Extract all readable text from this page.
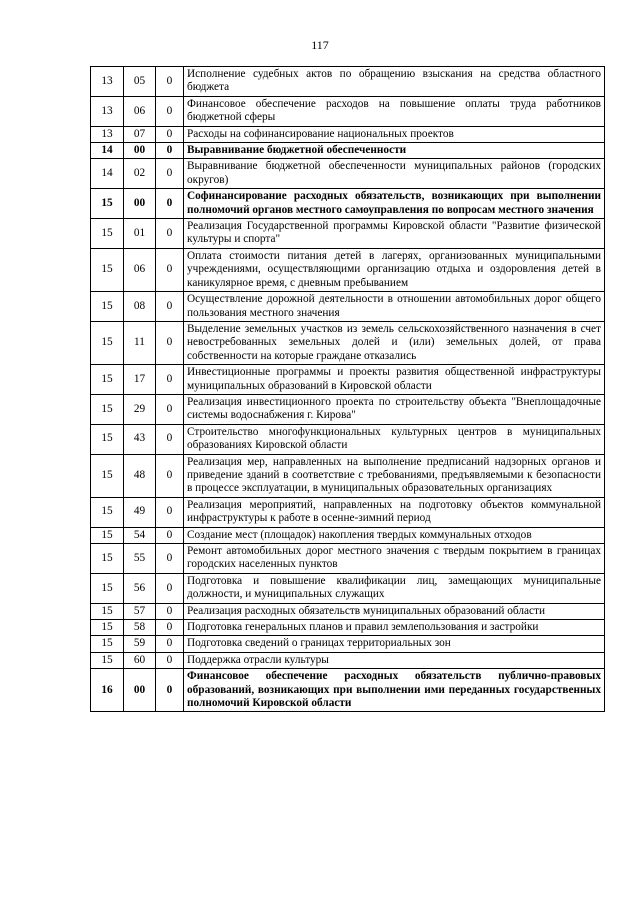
117
13	05	0	Исполнение судебных актов по обращению взыскания на средства областного бюджета
13	06	0	Финансовое обеспечение расходов на повышение оплаты труда работников бюджетной сферы
13	07	0	Расходы на софинансирование национальных проектов
14	00	0	Выравнивание бюджетной обеспеченности
14	02	0	Выравнивание бюджетной обеспеченности муниципальных районов (городских округов)
15	00	0	Софинансирование расходных обязательств, возникающих при выполнении полномочий органов местного самоуправления по вопросам местного значения
15	01	0	Реализация Государственной программы Кировской области "Развитие физической культуры и спорта"
15	06	0	Оплата стоимости питания детей в лагерях, организованных муниципальными учреждениями, осуществляющими организацию отдыха и оздоровления детей в каникулярное время, с дневным пребыванием
15	08	0	Осуществление дорожной деятельности в отношении автомобильных дорог общего пользования местного значения
15	11	0	Выделение земельных участков из земель сельскохозяйственного назначения в счет невостребованных земельных долей и (или) земельных долей, от права собственности на которые граждане отказались
15	17	0	Инвестиционные программы и проекты развития общественной инфраструктуры муниципальных образований в Кировской области
15	29	0	Реализация инвестиционного проекта по строительству объекта "Внеплощадочные системы водоснабжения г. Кирова"
15	43	0	Строительство многофункциональных культурных центров в муниципальных образованиях Кировской области
15	48	0	Реализация мер, направленных на выполнение предписаний надзорных органов и приведение зданий в соответствие с требованиями, предъявляемыми к безопасности в процессе эксплуатации, в муниципальных образовательных организациях
15	49	0	Реализация мероприятий, направленных на подготовку объектов коммунальной инфраструктуры к работе в осенне-зимний период
15	54	0	Создание мест (площадок) накопления твердых коммунальных отходов
15	55	0	Ремонт автомобильных дорог местного значения с твердым покрытием в границах городских населенных пунктов
15	56	0	Подготовка и повышение квалификации лиц, замещающих муниципальные должности, и муниципальных служащих
15	57	0	Реализация расходных обязательств муниципальных образований области
15	58	0	Подготовка генеральных планов и правил землепользования и застройки
15	59	0	Подготовка сведений о границах территориальных зон
15	60	0	Поддержка отрасли культуры
16	00	0	Финансовое обеспечение расходных обязательств публично-правовых образований, возникающих при выполнении ими переданных государственных полномочий Кировской области
